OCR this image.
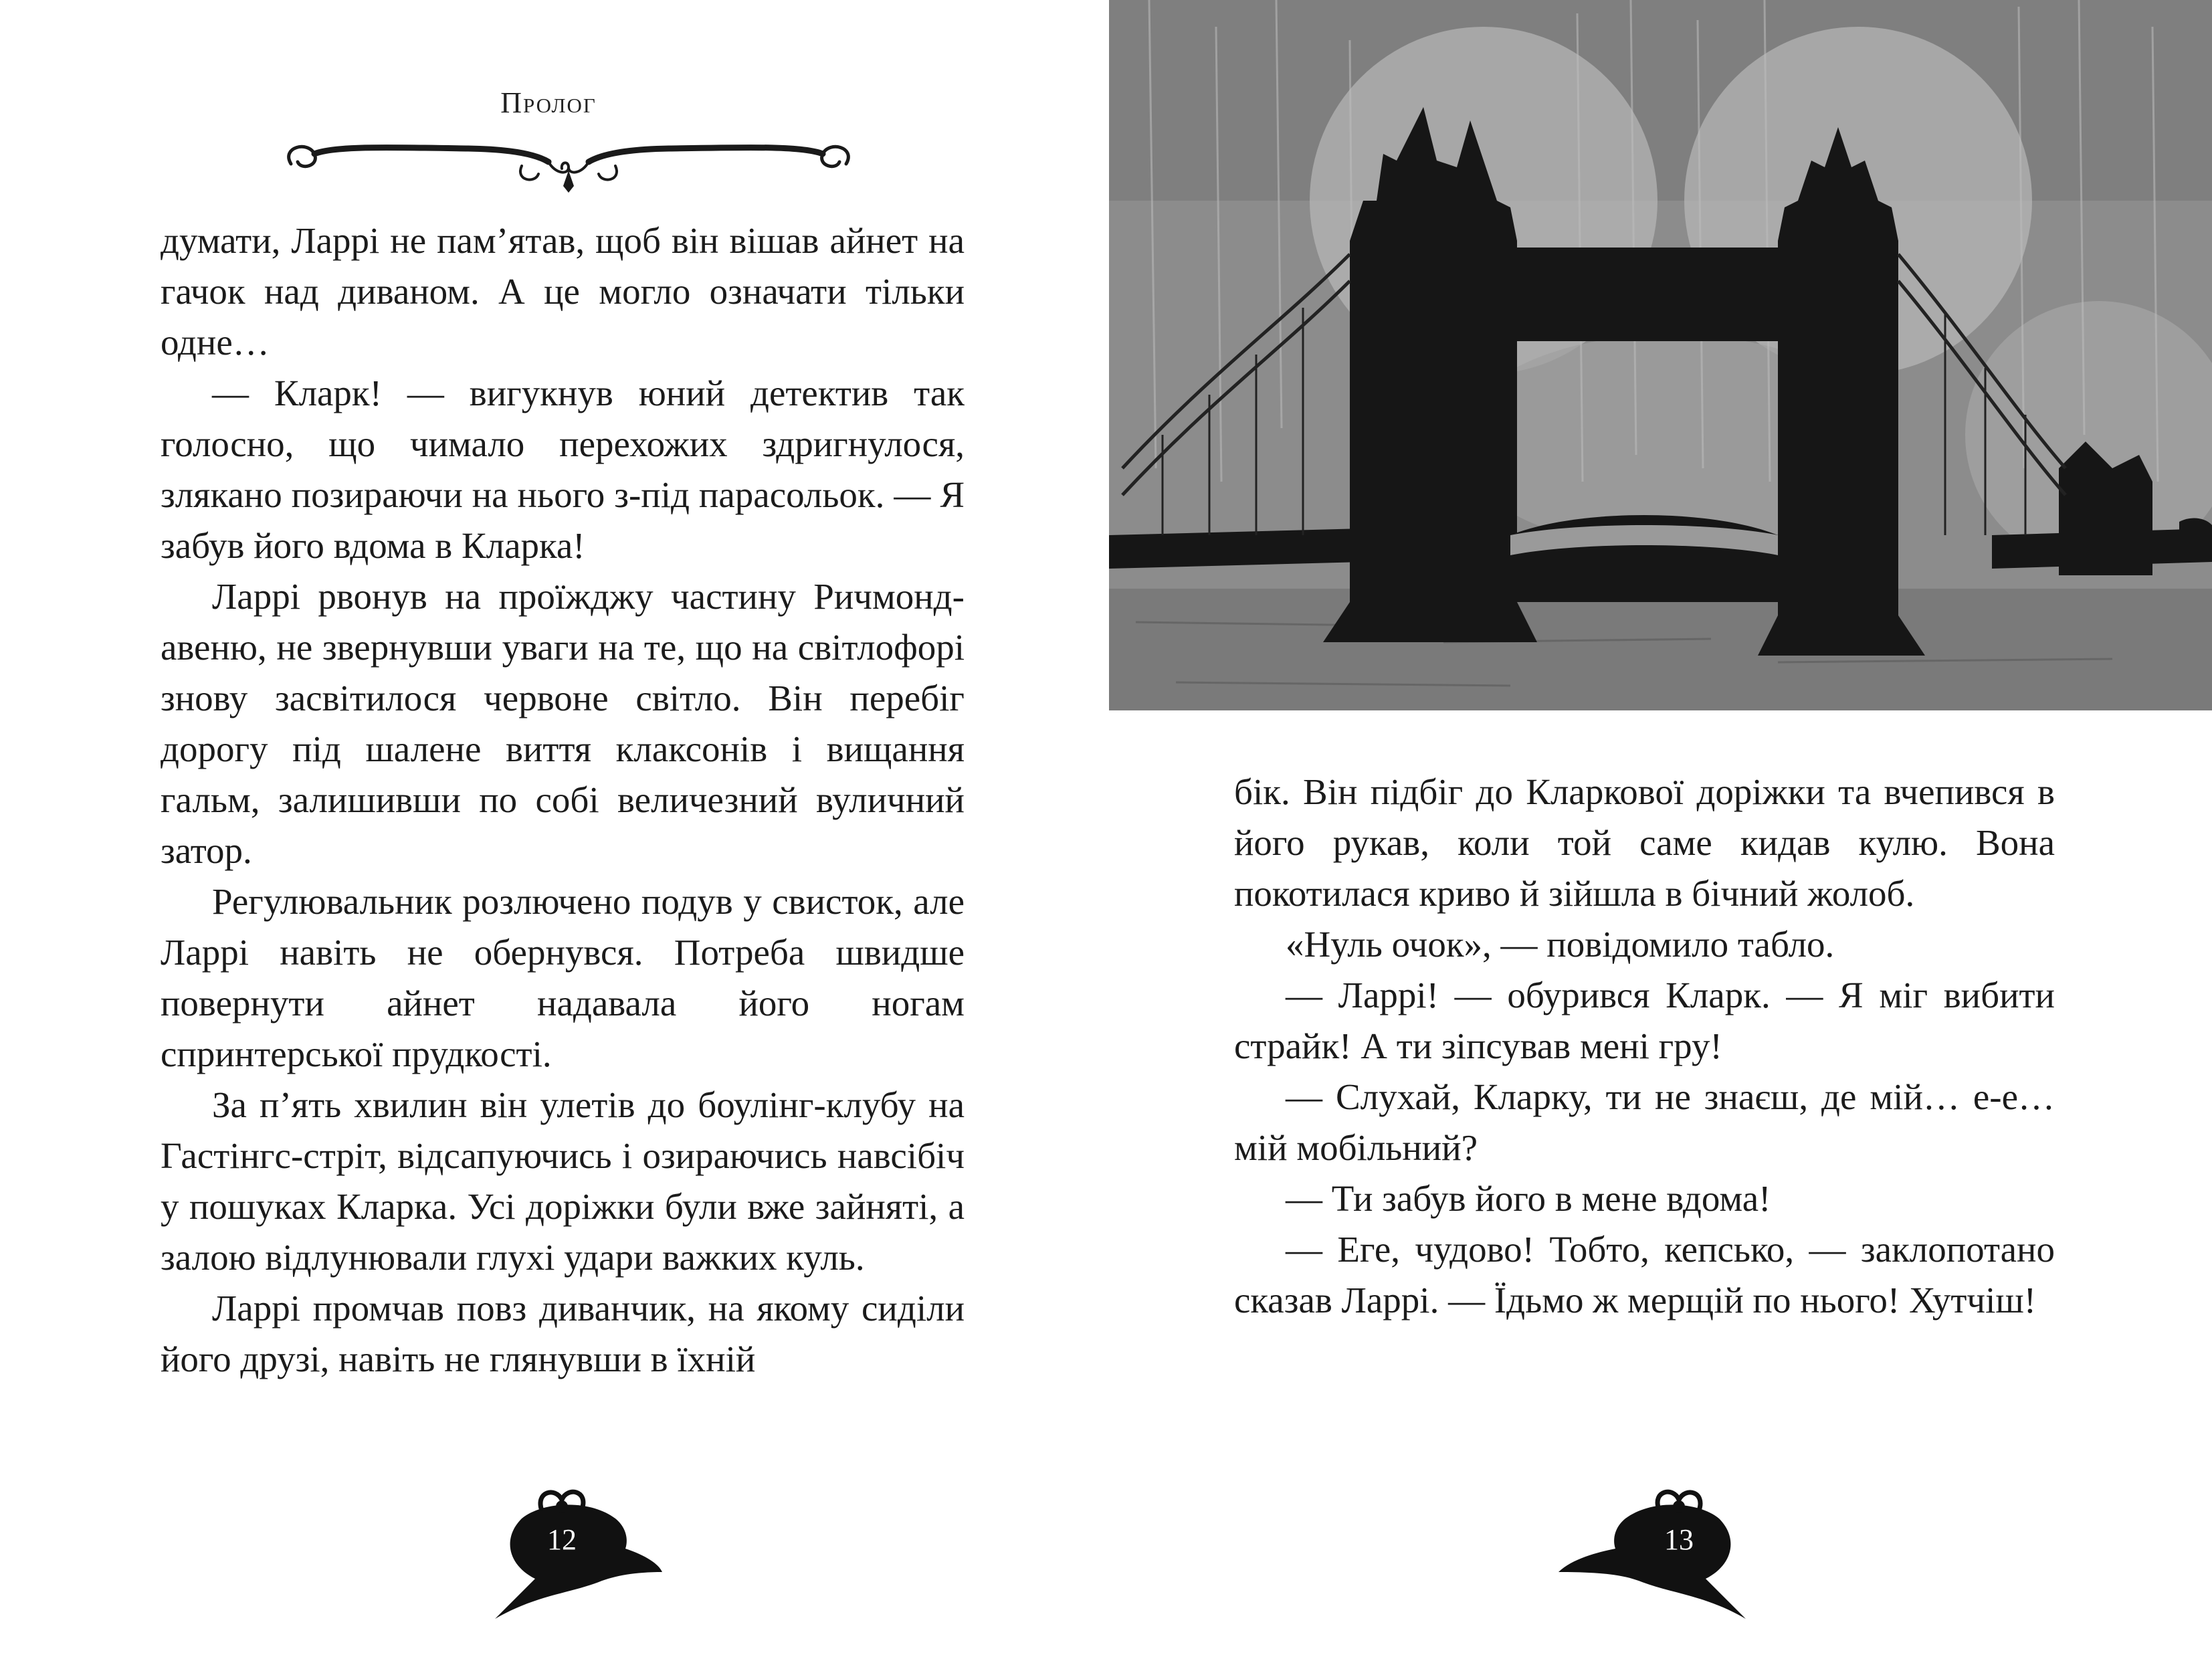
Пролог

думати, Ларрі не пам’ятав, щоб він вішав айнет на гачок над диваном. А це могло означати тільки одне…

— Кларк! — вигукнув юний детектив так голосно, що чимало перехожих здригнулося, злякано позираючи на нього з-під парасольок. — Я забув його вдома в Кларка!

Ларрі рвонув на проїжджу частину Ричмонд-авеню, не звернувши уваги на те, що на світлофорі знову засвітилося червоне світло. Він перебіг дорогу під шалене виття клаксонів і вищання гальм, залишивши по собі величезний вуличний затор.

Регулювальник розлючено подув у свисток, але Ларрі навіть не обернувся. Потреба швидше повернути айнет надавала його ногам спринтерської прудкості.

За п’ять хвилин він улетів до боулінг-клубу на Гастінгс-стріт, відсапуючись і озираючись навсібіч у пошуках Кларка. Усі доріжки були вже зайняті, а залою відлунювали глухі удари важких куль.

Ларрі промчав повз диванчик, на якому сиділи його друзі, навіть не глянувши в їхній

12

бік. Він підбіг до Кларкової доріжки та вчепився в його рукав, коли той саме кидав кулю. Вона покотилася криво й зійшла в бічний жолоб.

«Нуль очок», — повідомило табло.

— Ларрі! — обурився Кларк. — Я міг вибити страйк! А ти зіпсував мені гру!

— Слухай, Кларку, ти не знаєш, де мій… е-е… мій мобільний?

— Ти забув його в мене вдома!

— Еге, чудово! Тобто, кепсько, — заклопотано сказав Ларрі. — Їдьмо ж мерщій по нього! Хутчіш!

13
